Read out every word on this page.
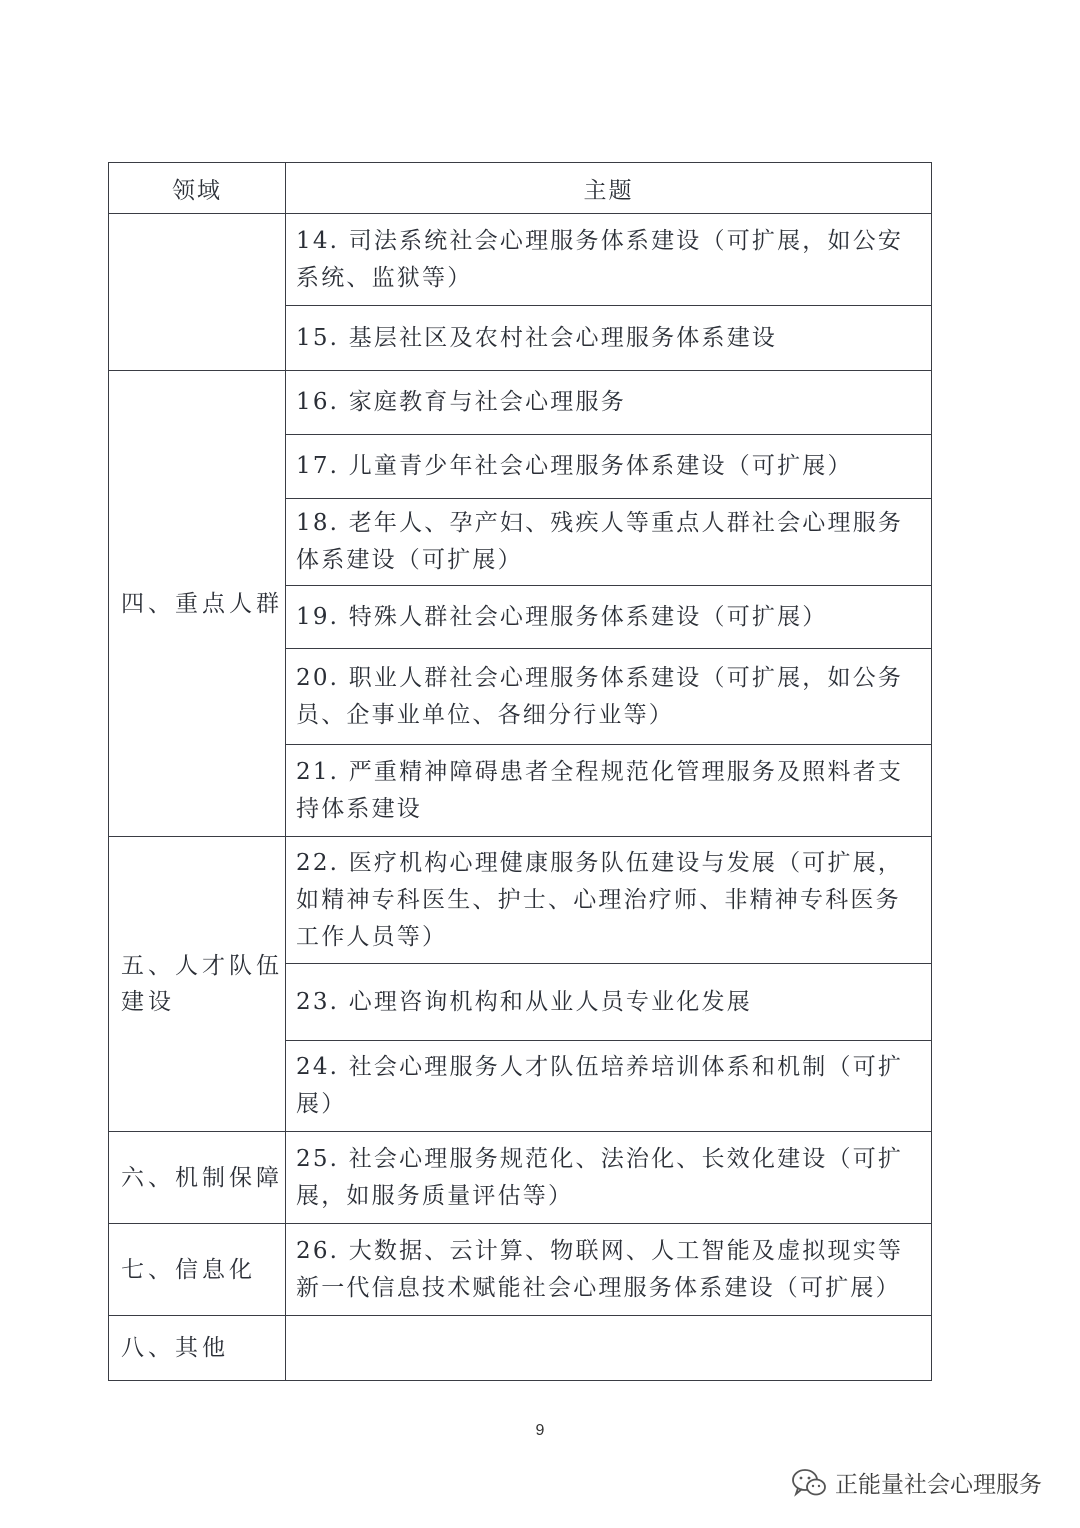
领域	主题
	14. 司法系统社会心理服务体系建设（可扩展，如公安系统、监狱等）
	15. 基层社区及农村社会心理服务体系建设
四、重点人群	16. 家庭教育与社会心理服务
	17. 儿童青少年社会心理服务体系建设（可扩展）
	18. 老年人、孕产妇、残疾人等重点人群社会心理服务体系建设（可扩展）
	19. 特殊人群社会心理服务体系建设（可扩展）
	20. 职业人群社会心理服务体系建设（可扩展，如公务员、企事业单位、各细分行业等）
	21. 严重精神障碍患者全程规范化管理服务及照料者支持体系建设
五、人才队伍建设	22. 医疗机构心理健康服务队伍建设与发展（可扩展，如精神专科医生、护士、心理治疗师、非精神专科医务工作人员等）
	23. 心理咨询机构和从业人员专业化发展
	24. 社会心理服务人才队伍培养培训体系和机制（可扩展）
六、机制保障	25. 社会心理服务规范化、法治化、长效化建设（可扩展，如服务质量评估等）
七、信息化	26. 大数据、云计算、物联网、人工智能及虚拟现实等新一代信息技术赋能社会心理服务体系建设（可扩展）
八、其他	
9
正能量社会心理服务
